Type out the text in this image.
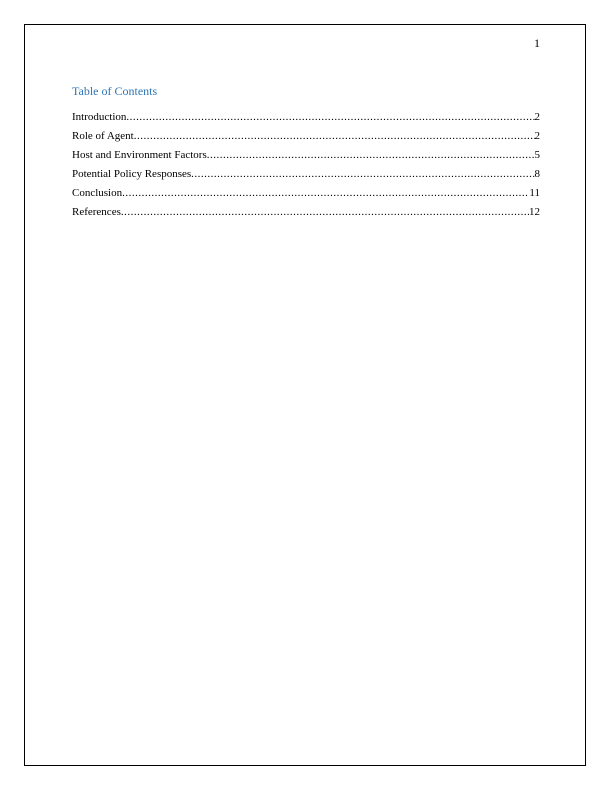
1
Table of Contents
Introduction .....	2
Role of Agent .....	2
Host and Environment Factors .....	5
Potential Policy Responses .....	8
Conclusion .....	11
References .....	12
